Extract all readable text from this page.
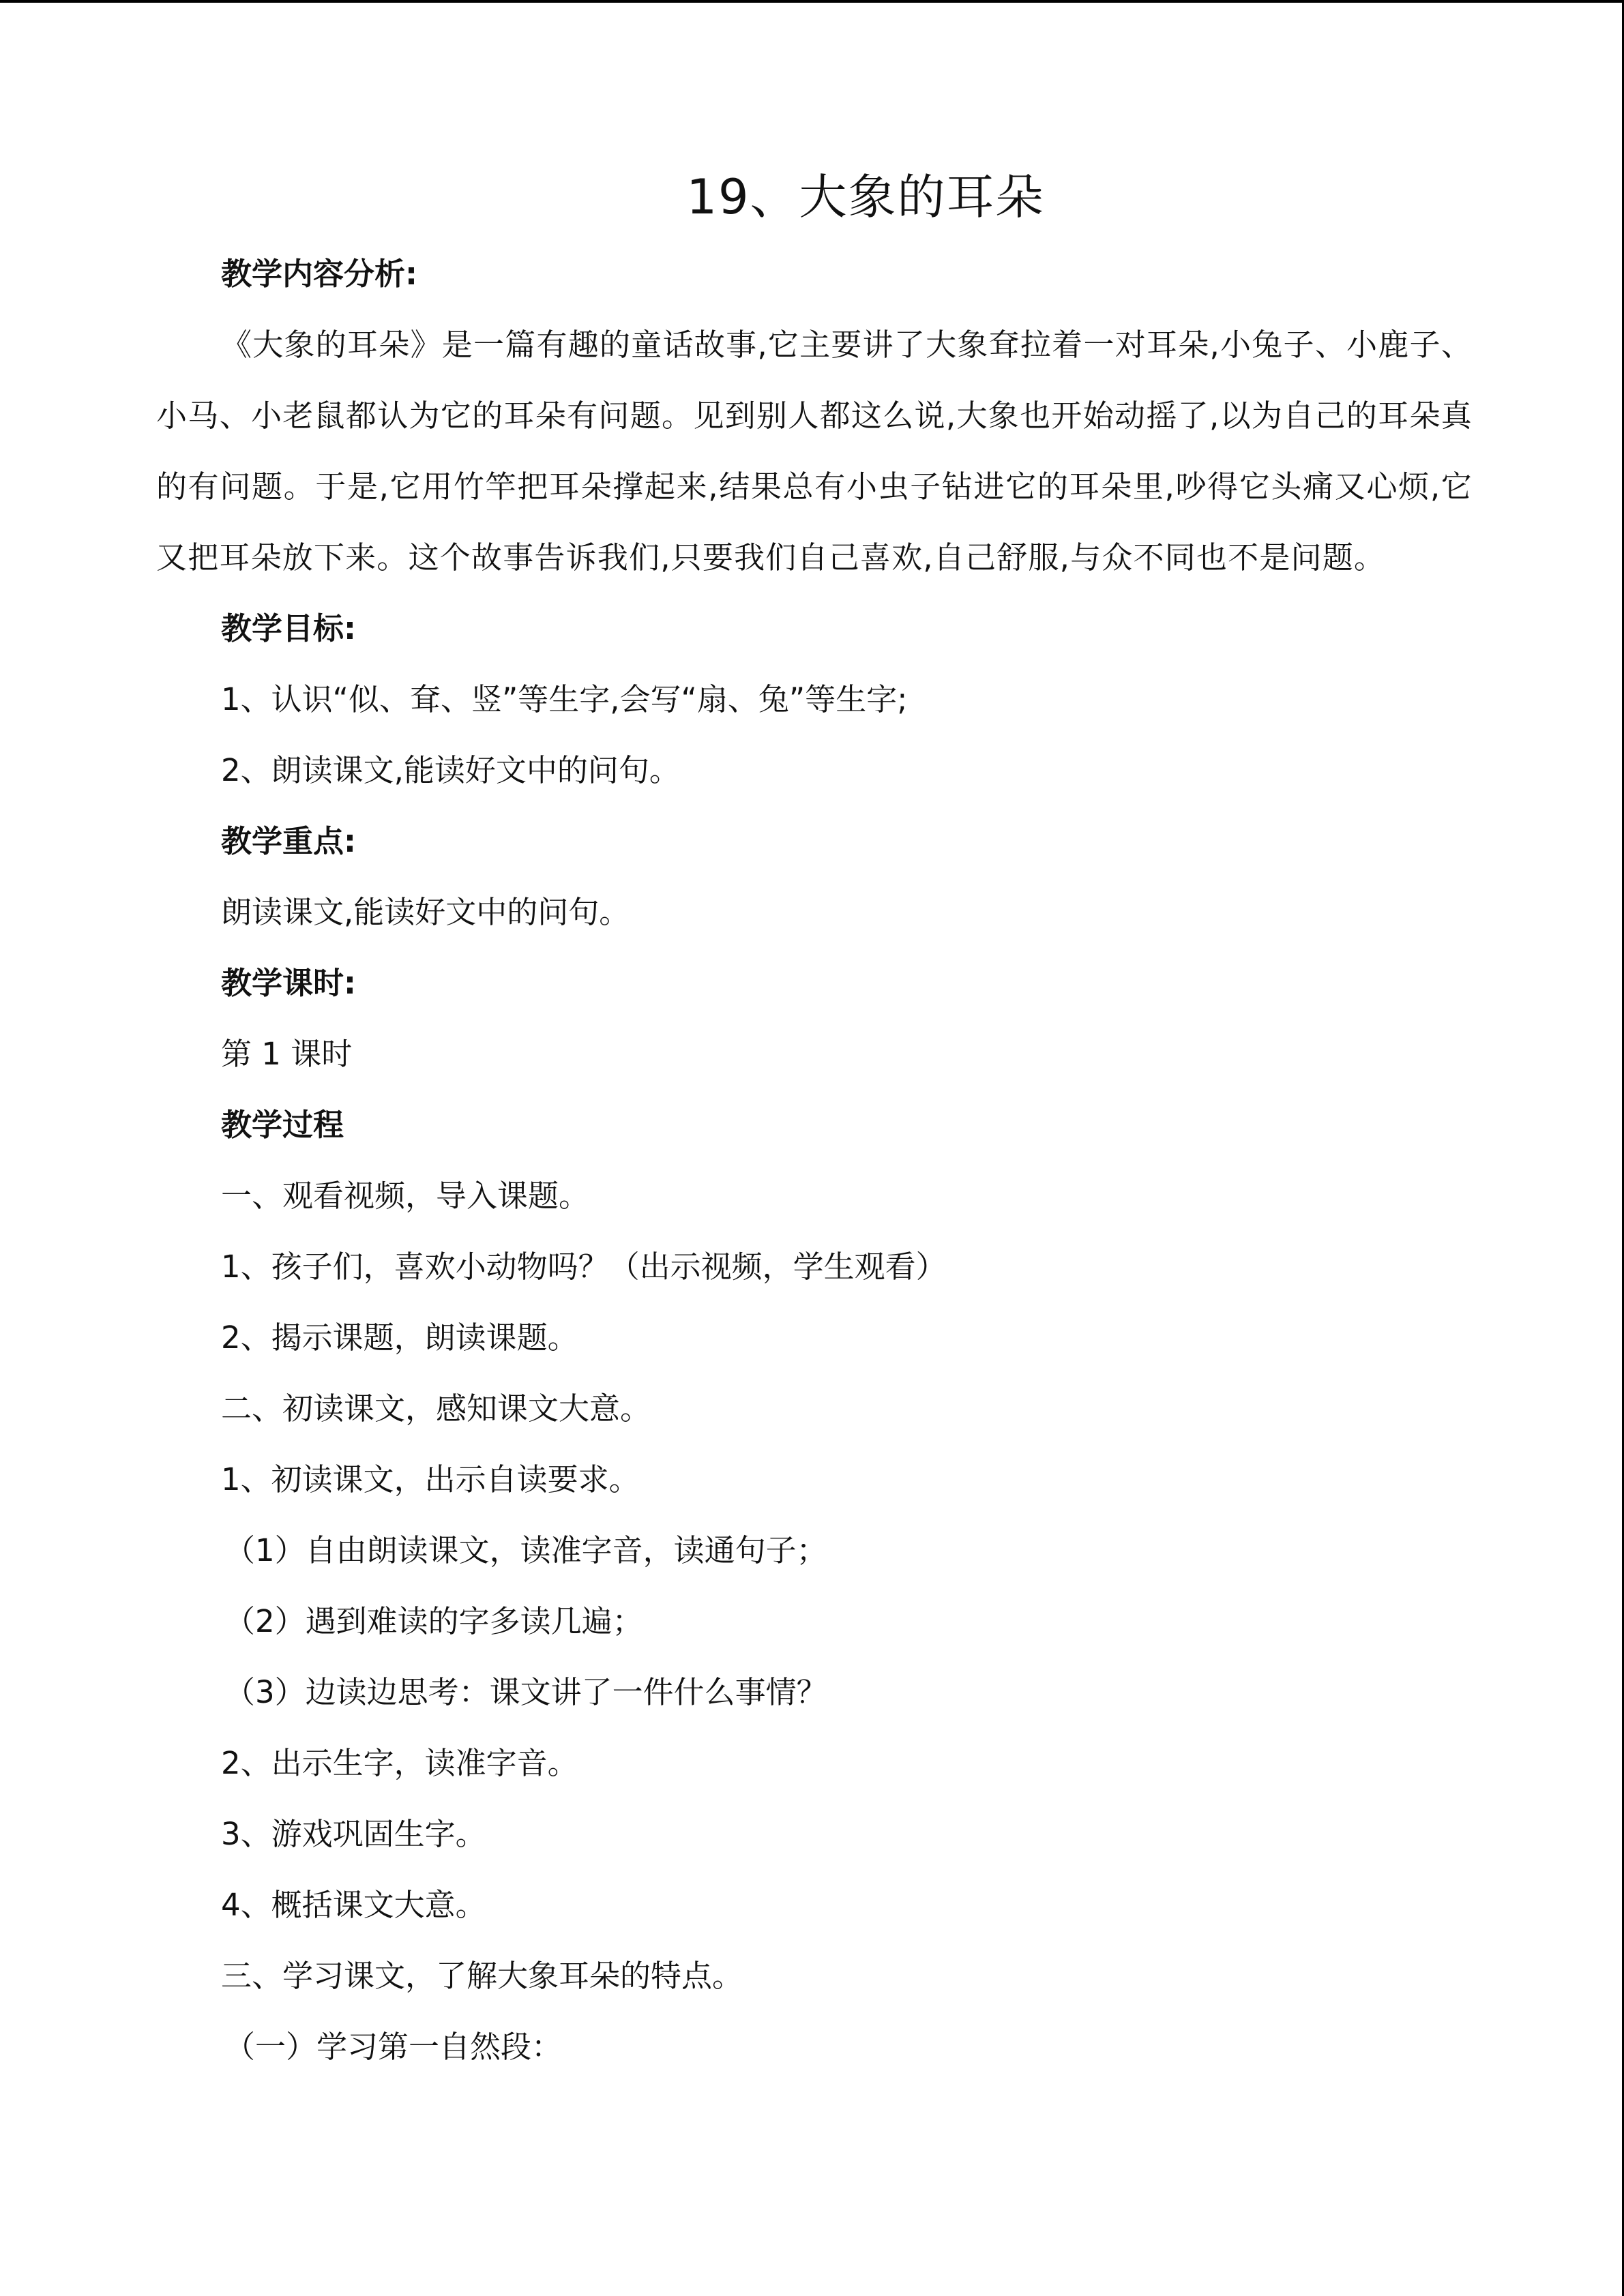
19、大象的耳朵
教学内容分析:
《大象的耳朵》是一篇有趣的童话故事,它主要讲了大象耷拉着一对耳朵,小兔子、小鹿子、小马、小老鼠都认为它的耳朵有问题。见到别人都这么说,大象也开始动摇了,以为自己的耳朵真的有问题。于是,它用竹竿把耳朵撑起来,结果总有小虫子钻进它的耳朵里,吵得它头痛又心烦,它又把耳朵放下来。这个故事告诉我们,只要我们自己喜欢,自己舒服,与众不同也不是问题。
教学目标:
1、认识“似、耷、竖”等生字,会写“扇、兔”等生字;
2、朗读课文,能读好文中的问句。
教学重点:
朗读课文,能读好文中的问句。
教学课时:
第 1 课时
教学过程
一、观看视频，导入课题。
1、孩子们，喜欢小动物吗？（出示视频，学生观看）
2、揭示课题，朗读课题。
二、初读课文，感知课文大意。
1、初读课文，出示自读要求。
（1）自由朗读课文，读准字音，读通句子；
（2）遇到难读的字多读几遍；
（3）边读边思考：课文讲了一件什么事情？
2、出示生字，读准字音。
3、游戏巩固生字。
4、概括课文大意。
三、学习课文，了解大象耳朵的特点。
（一）学习第一自然段：
